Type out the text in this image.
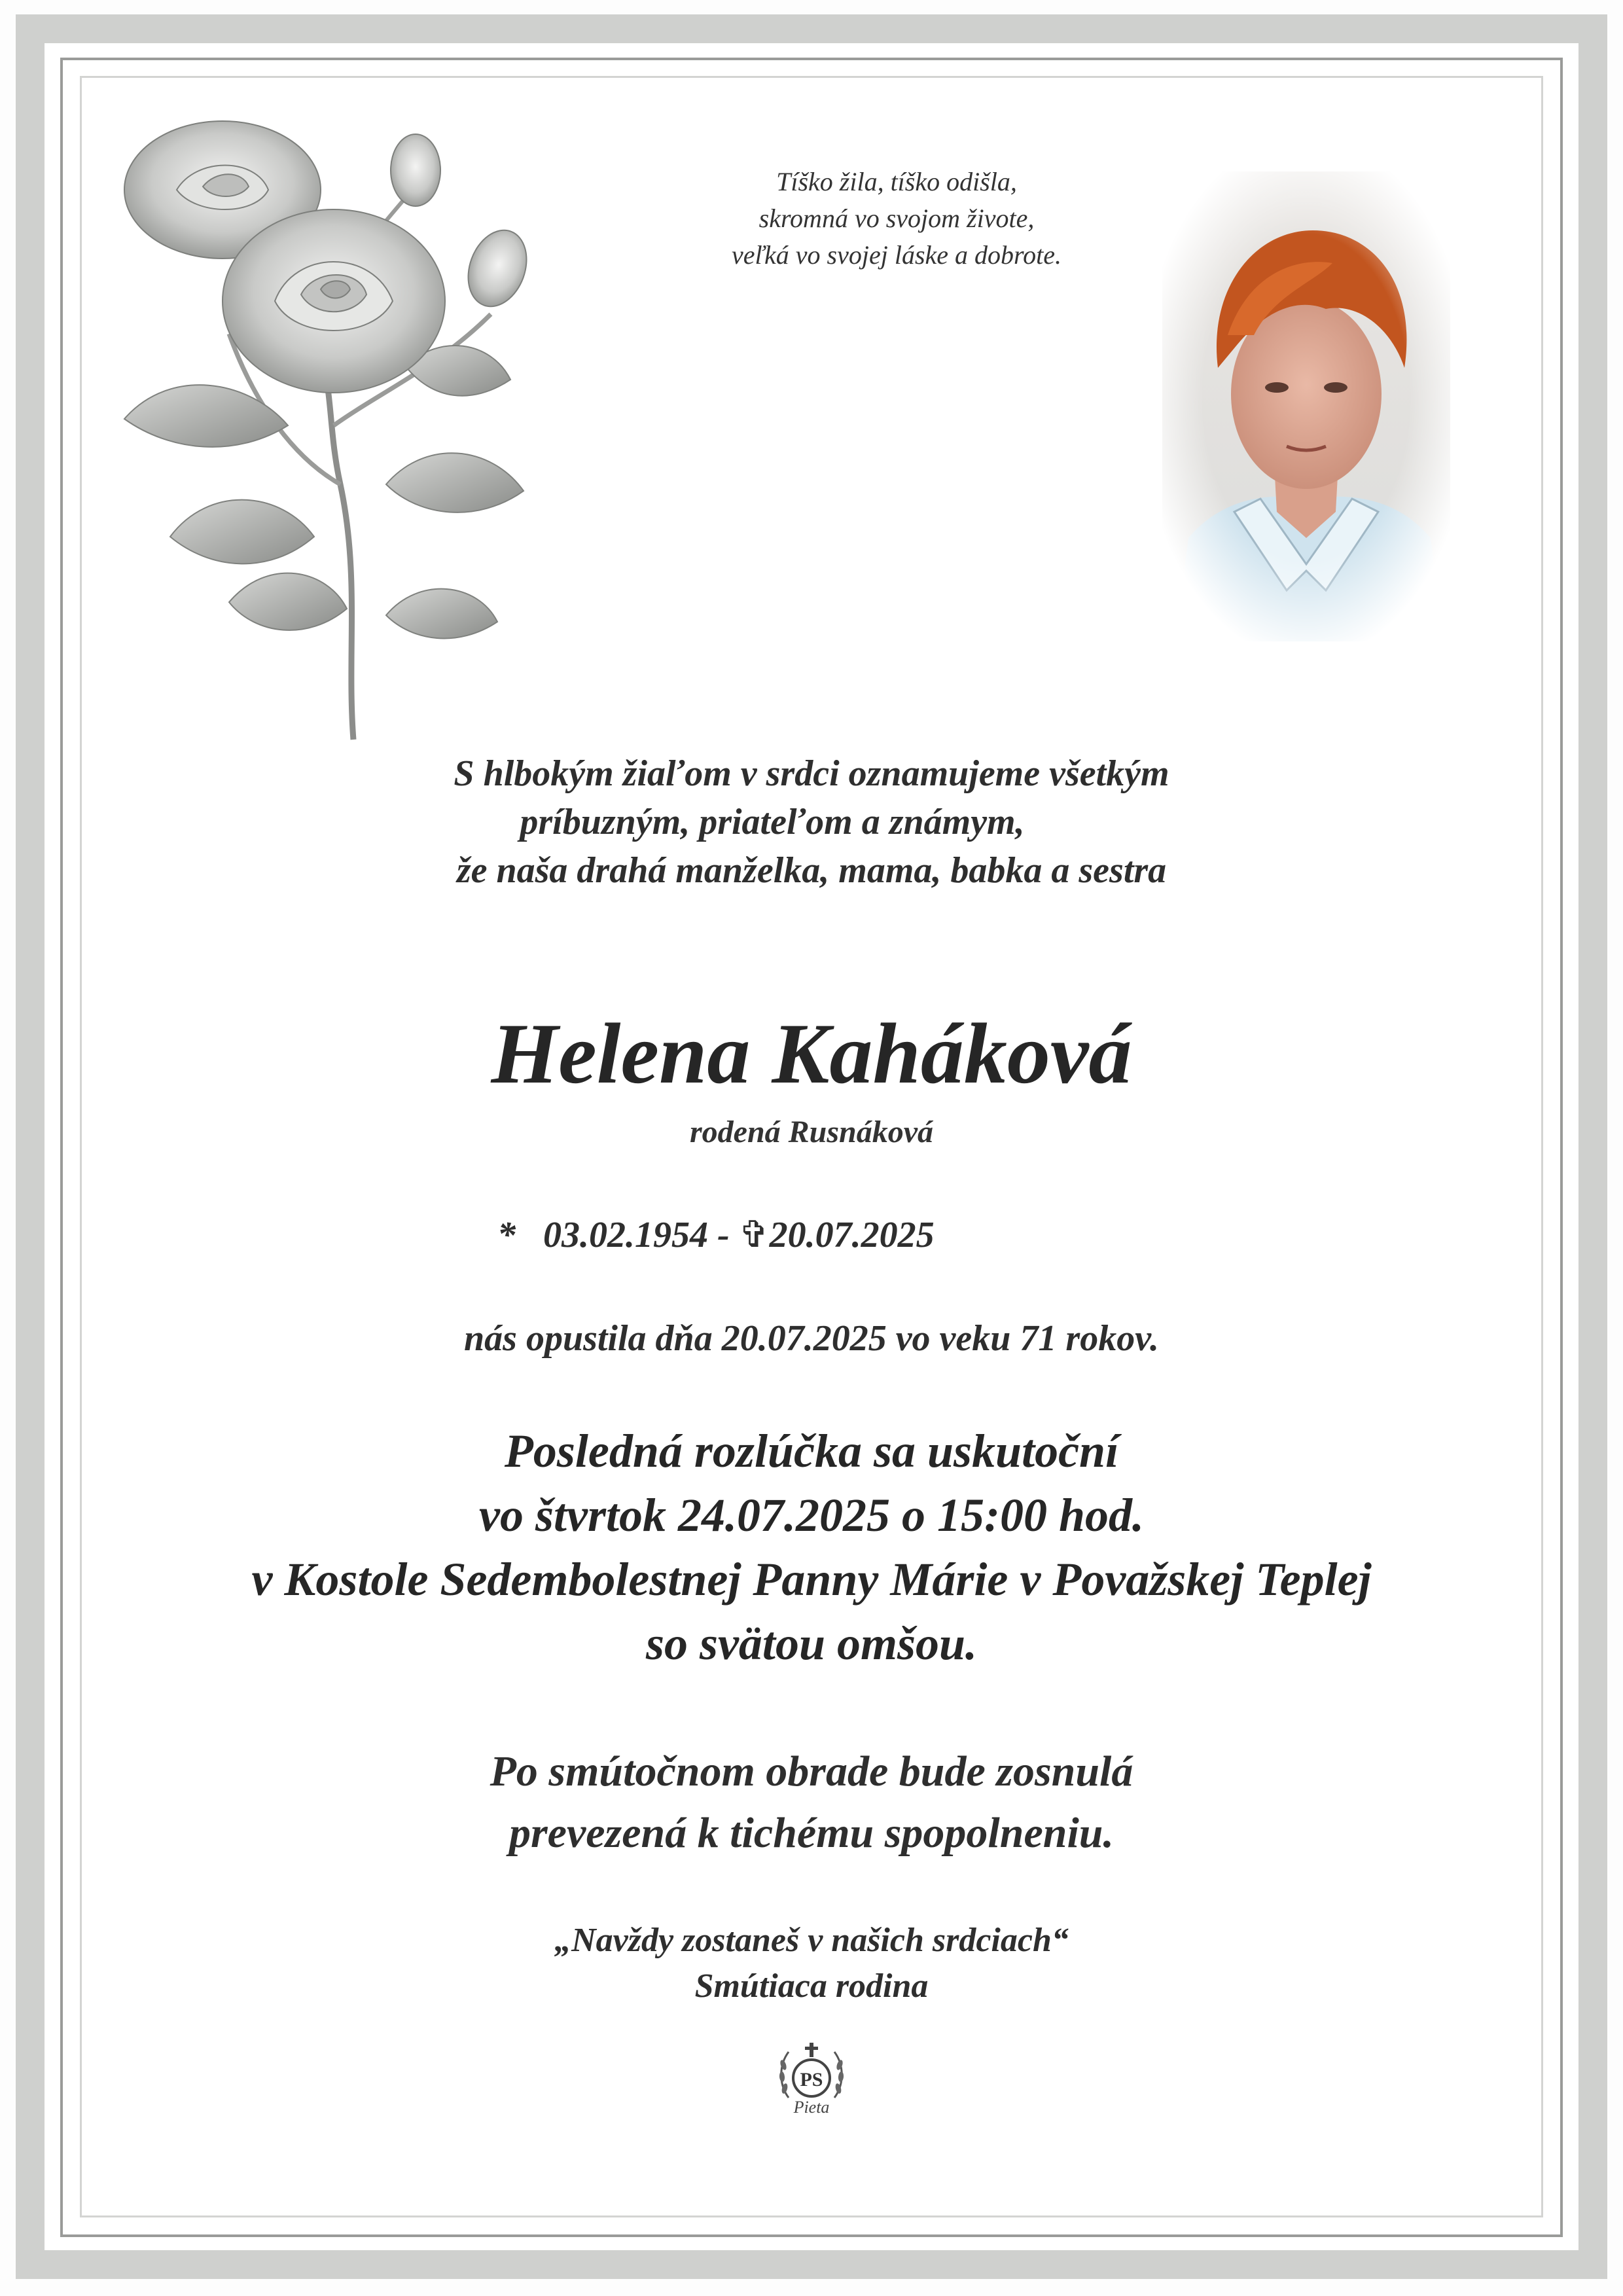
Tíško žila, tíško odišla,
skromná vo svojom živote,
veľká vo svojej láske a dobrote.
S hlbokým žiaľom v srdci oznamujeme všetkým
príbuzným, priateľom a známym,
že naša drahá manželka, mama, babka a sestra
Helena Kaháková
rodená Rusnáková
* 03.02.1954 - ✞20.07.2025
nás opustila dňa 20.07.2025 vo veku 71 rokov.
Posledná rozlúčka sa uskutoční
vo štvrtok 24.07.2025 o 15:00 hod.
v Kostole Sedembolestnej Panny Márie v Považskej Teplej
so svätou omšou.
Po smútočnom obrade bude zosnulá
prevezená k tichému spopolneniu.
„Navždy zostaneš v našich srdciach“
Smútiaca rodina
PS
Pieta
